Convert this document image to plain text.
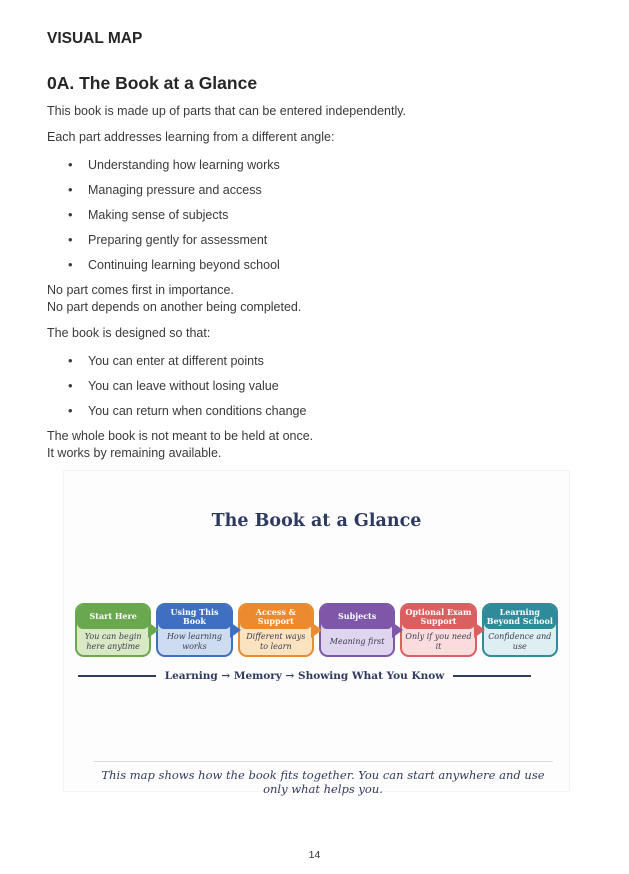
VISUAL MAP
0A. The Book at a Glance

This book is made up of parts that can be entered independently.

Each part addresses learning from a different angle:

• Understanding how learning works
• Managing pressure and access
• Making sense of subjects
• Preparing gently for assessment
• Continuing learning beyond school

No part comes first in importance.
No part depends on another being completed.

The book is designed so that:

• You can enter at different points
• You can leave without losing value
• You can return when conditions change

The whole book is not meant to be held at once.
It works by remaining available.

The Book at a Glance
Start Here
You can begin here anytime
Using This Book
How learning works
Access & Support
Different ways to learn
Subjects
Meaning first
Optional Exam Support
Only if you need it
Learning Beyond School
Confidence and use
Learning → Memory → Showing What You Know
This map shows how the book fits together. You can start anywhere and use only what helps you.
14
